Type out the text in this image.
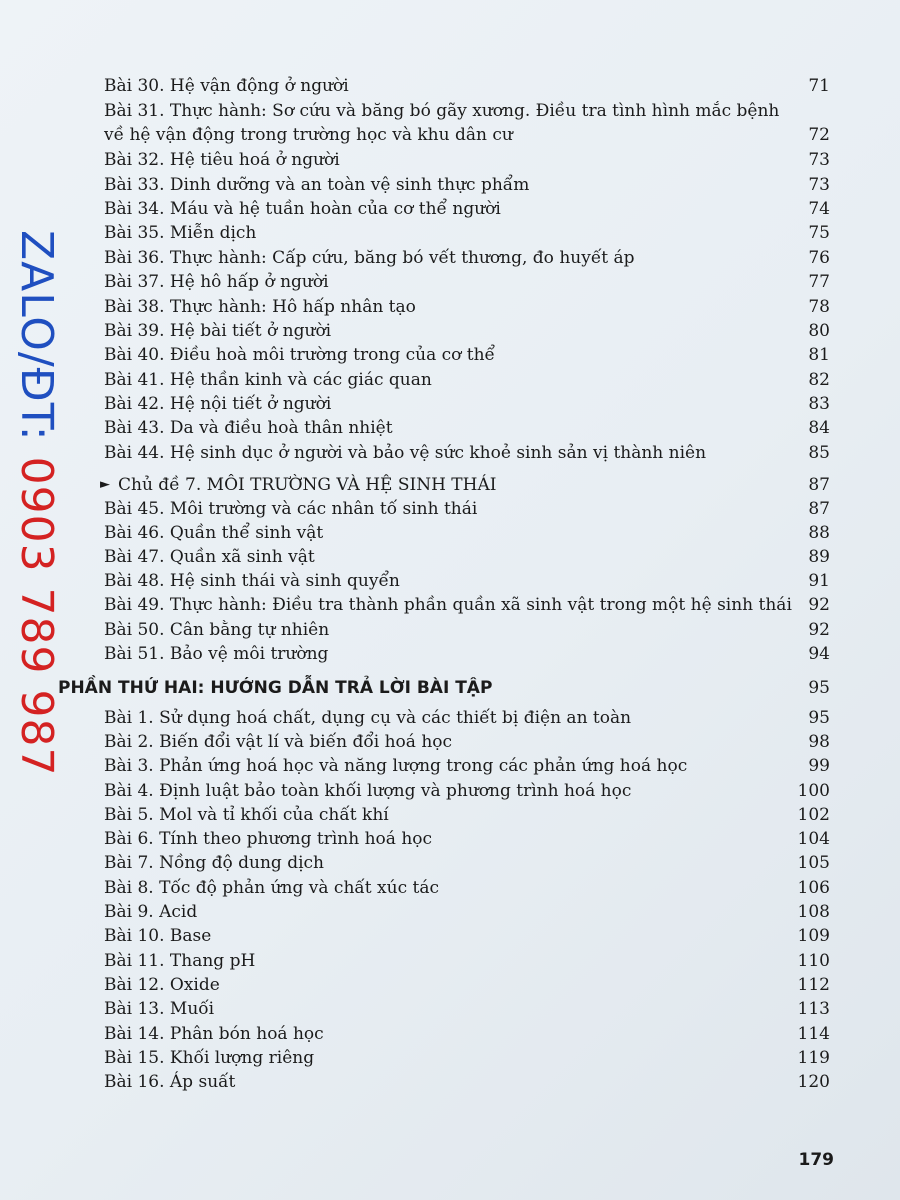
Bài 30. Hệ vận động ở người	71
Bài 31. Thực hành: Sơ cứu và băng bó gãy xương. Điều tra tình hình mắc bệnh về hệ vận động trong trường học và khu dân cư	72
Bài 32. Hệ tiêu hoá ở người	73
Bài 33. Dinh dưỡng và an toàn vệ sinh thực phẩm	73
Bài 34. Máu và hệ tuần hoàn của cơ thể người	74
Bài 35. Miễn dịch	75
Bài 36. Thực hành: Cấp cứu, băng bó vết thương, đo huyết áp	76
Bài 37. Hệ hô hấp ở người	77
Bài 38. Thực hành: Hô hấp nhân tạo	78
Bài 39. Hệ bài tiết ở người	80
Bài 40. Điều hoà môi trường trong của cơ thể	81
Bài 41. Hệ thần kinh và các giác quan	82
Bài 42. Hệ nội tiết ở người	83
Bài 43. Da và điều hoà thân nhiệt	84
Bài 44. Hệ sinh dục ở người và bảo vệ sức khoẻ sinh sản vị thành niên	85
► Chủ đề 7. MÔI TRƯỜNG VÀ HỆ SINH THÁI	87
Bài 45. Môi trường và các nhân tố sinh thái	87
Bài 46. Quần thể sinh vật	88
Bài 47. Quần xã sinh vật	89
Bài 48. Hệ sinh thái và sinh quyển	91
Bài 49. Thực hành: Điều tra thành phần quần xã sinh vật trong một hệ sinh thái 92
Bài 50. Cân bằng tự nhiên	92
Bài 51. Bảo vệ môi trường	94
PHẦN THỨ HAI: HƯỚNG DẪN TRẢ LỜI BÀI TẬP	95
Bài 1. Sử dụng hoá chất, dụng cụ và các thiết bị điện an toàn	95
Bài 2. Biến đổi vật lí và biến đổi hoá học	98
Bài 3. Phản ứng hoá học và năng lượng trong các phản ứng hoá học	99
Bài 4. Định luật bảo toàn khối lượng và phương trình hoá học	100
Bài 5. Mol và tỉ khối của chất khí	102
Bài 6. Tính theo phương trình hoá học	104
Bài 7. Nồng độ dung dịch	105
Bài 8. Tốc độ phản ứng và chất xúc tác	106
Bài 9. Acid	108
Bài 10. Base	109
Bài 11. Thang pH	110
Bài 12. Oxide	112
Bài 13. Muối	113
Bài 14. Phân bón hoá học	114
Bài 15. Khối lượng riêng	119
Bài 16. Áp suất	120
ZALO/ĐT: 0903 789 987
179
